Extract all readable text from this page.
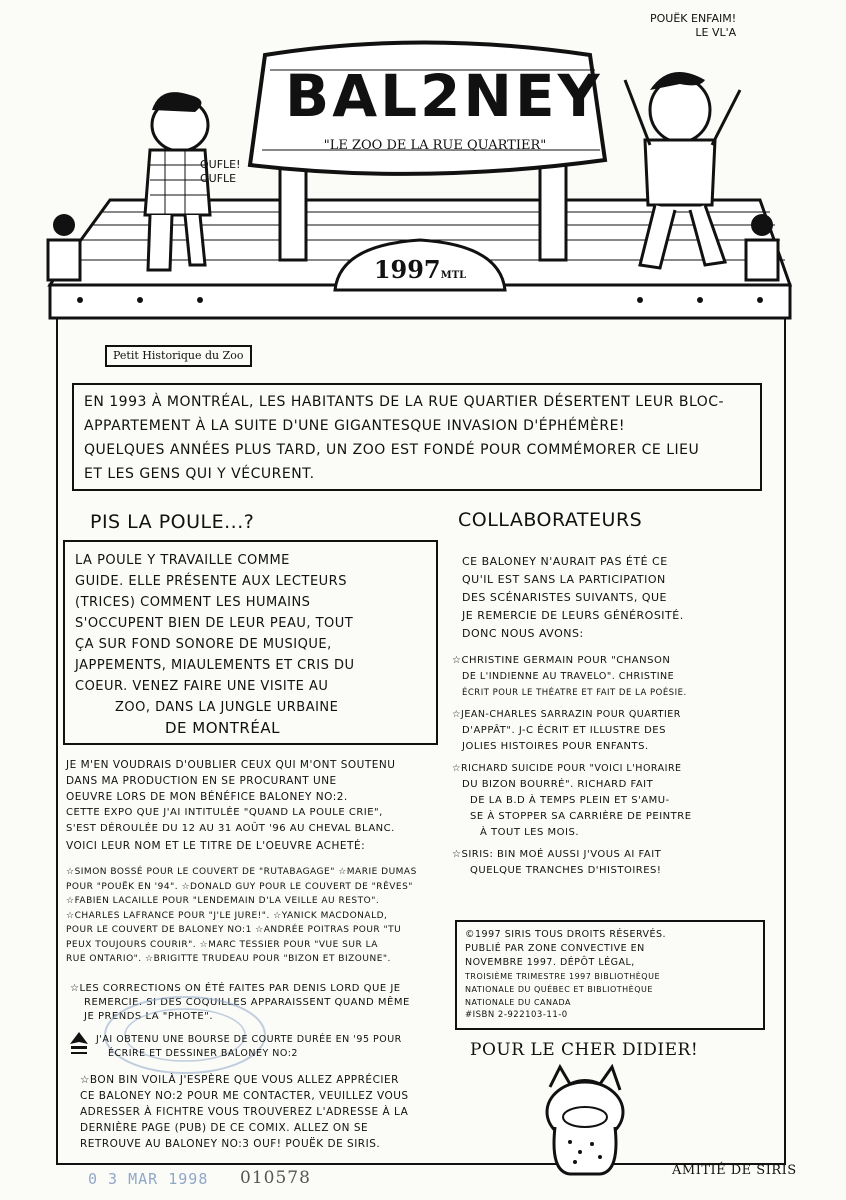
BAL2NEY
"LE ZOO DE LA RUE QUARTIER"
1997MTL
OUFLE!
OUFLE
POUËK ENFAIM!
LE VL'A
Petit Historique du Zoo
EN 1993 À MONTRÉAL, LES HABITANTS DE LA RUE QUARTIER DÉSERTENT LEUR BLOC-
APPARTEMENT À LA SUITE D'UNE GIGANTESQUE INVASION D'ÉPHÉMÈRE!
QUELQUES ANNÉES PLUS TARD, UN ZOO EST FONDÉ POUR COMMÉMORER CE LIEU
ET LES GENS QUI Y VÉCURENT.
PIS LA POULE...?
LA POULE Y TRAVAILLE COMME
GUIDE. ELLE PRÉSENTE AUX LECTEURS
(TRICES) COMMENT LES HUMAINS
S'OCCUPENT BIEN DE LEUR PEAU, TOUT
ÇA SUR FOND SONORE DE MUSIQUE,
JAPPEMENTS, MIAULEMENTS ET CRIS DU
COEUR. VENEZ FAIRE UNE VISITE AU
ZOO, DANS LA JUNGLE URBAINE
DE MONTRÉAL
JE M'EN VOUDRAIS D'OUBLIER CEUX QUI M'ONT SOUTENU
DANS MA PRODUCTION EN SE PROCURANT UNE
OEUVRE LORS DE MON BÉNÉFICE BALONEY NO:2.
CETTE EXPO QUE J'AI INTITULÉE "QUAND LA POULE CRIE",
S'EST DÉROULÉE DU 12 AU 31 AOÛT '96 AU CHEVAL BLANC.
VOICI LEUR NOM ET LE TITRE DE L'OEUVRE ACHETÉ:
☆SIMON BOSSÉ POUR LE COUVERT DE "RUTABAGAGE" ☆MARIE DUMAS
POUR "POUËK EN '94". ☆DONALD GUY POUR LE COUVERT DE "RÊVES"
☆FABIEN LACAILLE POUR "LENDEMAIN D'LA VEILLE AU RESTO".
☆CHARLES LAFRANCE POUR "J'LE JURE!". ☆YANICK MACDONALD,
POUR LE COUVERT DE BALONEY NO:1 ☆ANDRÉE POITRAS POUR "TU
PEUX TOUJOURS COURIR". ☆MARC TESSIER POUR "VUE SUR LA
RUE ONTARIO". ☆BRIGITTE TRUDEAU POUR "BIZON ET BIZOUNE".
☆LES CORRECTIONS ON ÉTÉ FAITES PAR DENIS LORD QUE JE
REMERCIE. SI DES COQUILLES APPARAISSENT QUAND MÊME
JE PRENDS LA "PHOTE".
J'AI OBTENU UNE BOURSE DE COURTE DURÉE EN '95 POUR
ÉCRIRE ET DESSINER BALONEY NO:2
☆BON BIN VOILÀ J'ESPÈRE QUE VOUS ALLEZ APPRÉCIER
CE BALONEY NO:2 POUR ME CONTACTER, VEUILLEZ VOUS
ADRESSER À FICHTRE VOUS TROUVEREZ L'ADRESSE À LA
DERNIÈRE PAGE (PUB) DE CE COMIX. ALLEZ ON SE
RETROUVE AU BALONEY NO:3 OUF! POUËK DE SIRIS.
COLLABORATEURS
CE BALONEY N'AURAIT PAS ÉTÉ CE
QU'IL EST SANS LA PARTICIPATION
DES SCÉNARISTES SUIVANTS, QUE
JE REMERCIE DE LEURS GÉNÉROSITÉ.
DONC NOUS AVONS:
☆CHRISTINE GERMAIN POUR "CHANSON
DE L'INDIENNE AU TRAVELO". CHRISTINE
ÉCRIT POUR LE THÉATRE ET FAIT DE LA POÉSIE.
☆JEAN-CHARLES SARRAZIN POUR QUARTIER
D'APPÂT". J-C ÉCRIT ET ILLUSTRE DES
JOLIES HISTOIRES POUR ENFANTS.
☆RICHARD SUICIDE POUR "VOICI L'HORAIRE
DU BIZON BOURRÉ". RICHARD FAIT
DE LA B.D À TEMPS PLEIN ET S'AMU-
SE À STOPPER SA CARRIÈRE DE PEINTRE
À TOUT LES MOIS.
☆SIRIS: BIN MOÉ AUSSI J'VOUS AI FAIT
QUELQUE TRANCHES D'HISTOIRES!
©1997 SIRIS TOUS DROITS RÉSERVÉS.
PUBLIÉ PAR ZONE CONVECTIVE EN
NOVEMBRE 1997. DÉPÔT LÉGAL,
TROISIÈME TRIMESTRE 1997 BIBLIOTHÈQUE
NATIONALE DU QUÉBEC ET BIBLIOTHÈQUE
NATIONALE DU CANADA
#ISBN 2-922103-11-0
POUR LE CHER DIDIER!
AMITIÉ DE SIRIS
0 3 MAR 1998 010578
